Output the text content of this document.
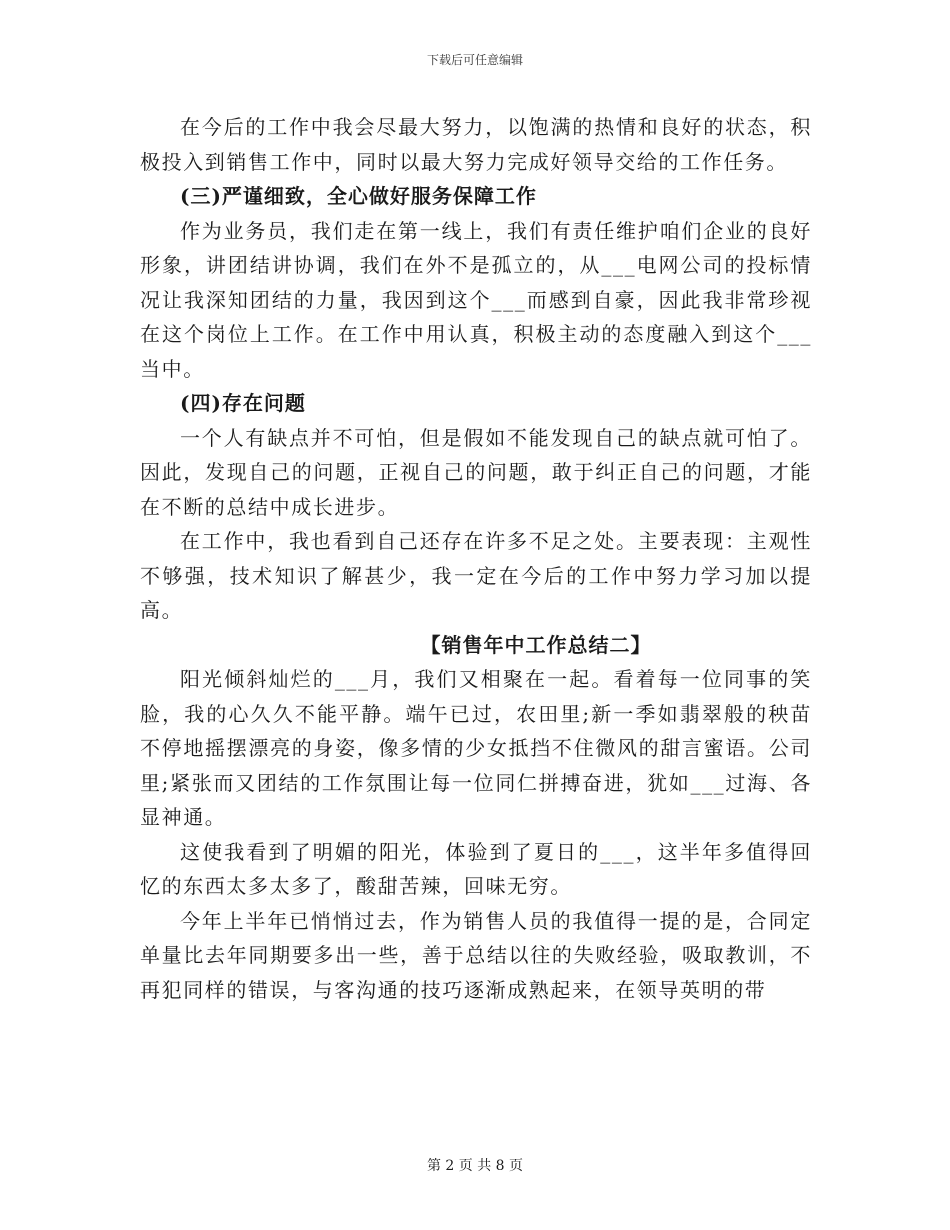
下载后可任意编辑

在今后的工作中我会尽最大努力，以饱满的热情和良好的状态，积极投入到销售工作中，同时以最大努力完成好领导交给的工作任务。

(三)严谨细致，全心做好服务保障工作

作为业务员，我们走在第一线上，我们有责任维护咱们企业的良好形象，讲团结讲协调，我们在外不是孤立的，从___电网公司的投标情况让我深知团结的力量，我因到这个___而感到自豪，因此我非常珍视在这个岗位上工作。在工作中用认真，积极主动的态度融入到这个___当中。

(四)存在问题

一个人有缺点并不可怕，但是假如不能发现自己的缺点就可怕了。因此，发现自己的问题，正视自己的问题，敢于纠正自己的问题，才能在不断的总结中成长进步。

在工作中，我也看到自己还存在许多不足之处。主要表现：主观性不够强，技术知识了解甚少，我一定在今后的工作中努力学习加以提高。

【销售年中工作总结二】

阳光倾斜灿烂的___月，我们又相聚在一起。看着每一位同事的笑脸，我的心久久不能平静。端午已过，农田里;新一季如翡翠般的秧苗不停地摇摆漂亮的身姿，像多情的少女抵挡不住微风的甜言蜜语。公司里;紧张而又团结的工作氛围让每一位同仁拼搏奋进，犹如___过海、各显神通。

这使我看到了明媚的阳光，体验到了夏日的___，这半年多值得回忆的东西太多太多了，酸甜苦辣，回味无穷。

今年上半年已悄悄过去，作为销售人员的我值得一提的是，合同定单量比去年同期要多出一些，善于总结以往的失败经验，吸取教训，不再犯同样的错误，与客沟通的技巧逐渐成熟起来，在领导英明的带

第 2 页 共 8 页
